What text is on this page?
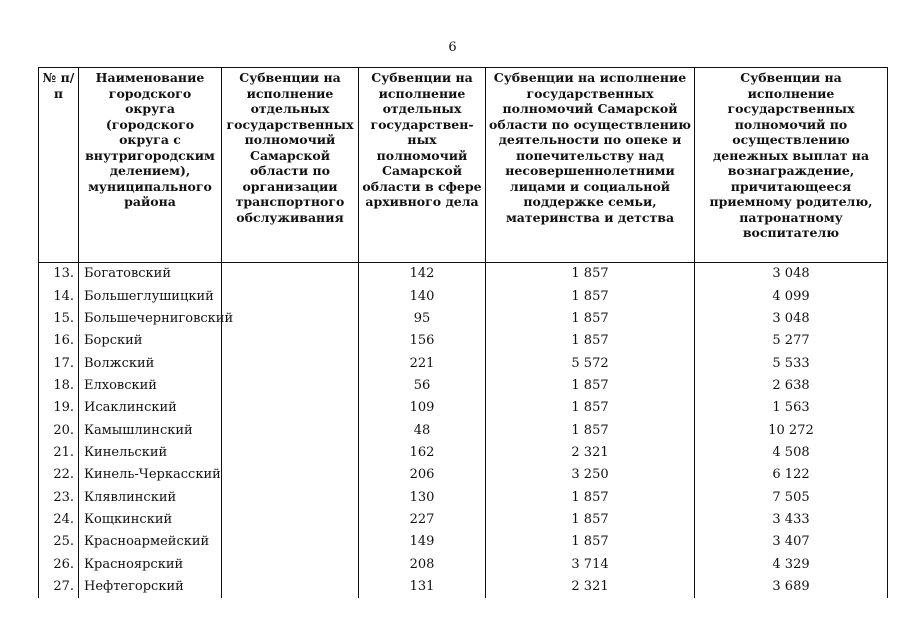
6
№ п/п	Наименование городского округа (городского округа с внутригородским делением), муниципального района	Субвенции на исполнение отдельных государственных полномочий Самарской области по организации транспортного обслуживания	Субвенции на исполнение отдельных государствен-ных полномочий Самарской области в сфере архивного дела	Субвенции на исполнение государственных полномочий Самарской области по осуществлению деятельности по опеке и попечительству над несовершеннолетними лицами и социальной поддержке семьи, материнства и детства	Субвенции на исполнение государственных полномочий по осуществлению денежных выплат на вознаграждение, причитающееся приемному родителю, патронатному воспитателю
13.	Богатовский		142	1 857	3 048
14.	Большеглушицкий		140	1 857	4 099
15.	Большечерниговский		95	1 857	3 048
16.	Борский		156	1 857	5 277
17.	Волжский		221	5 572	5 533
18.	Елховский		56	1 857	2 638
19.	Исаклинский		109	1 857	1 563
20.	Камышлинский		48	1 857	10 272
21.	Кинельский		162	2 321	4 508
22.	Кинель-Черкасский		206	3 250	6 122
23.	Клявлинский		130	1 857	7 505
24.	Кощкинский		227	1 857	3 433
25.	Красноармейский		149	1 857	3 407
26.	Красноярский		208	3 714	4 329
27.	Нефтегорский		131	2 321	3 689
